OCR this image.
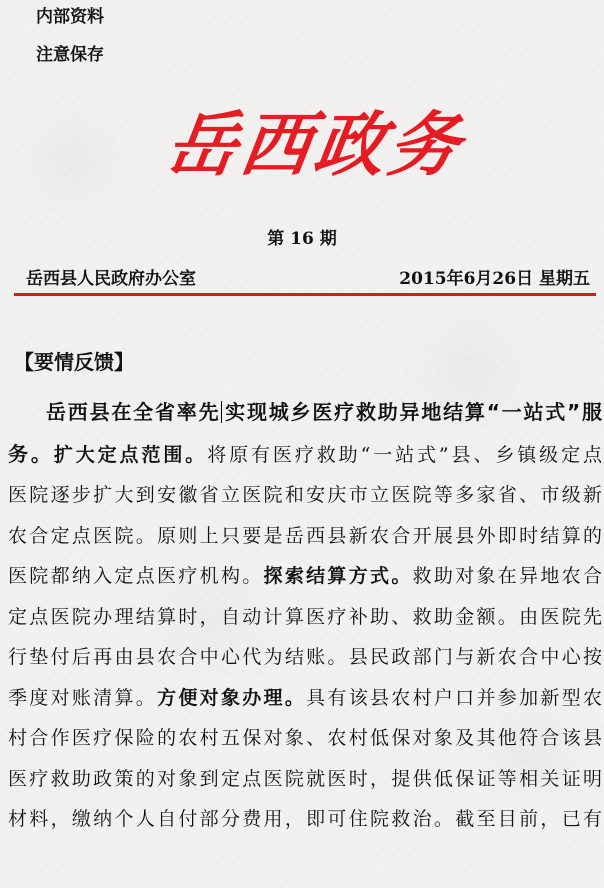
内部资料

注意保存

岳西政务

第 16 期

岳西县人民政府办公室	2015年6月26日 星期五

【要情反馈】
岳西县在全省率先 实现城乡医疗救助异地结算“一站式”服
务。扩大定点范围。将原有医疗救助“一站式”县、乡镇级定点
医院逐步扩大到安徽省立医院和安庆市立医院等多家省、市级新
农合定点医院。原则上只要是岳西县新农合开展县外即时结算的
医院都纳入定点医疗机构。探索结算方式。救助对象在异地农合
定点医院办理结算时，自动计算医疗补助、救助金额。由医院先
行垫付后再由县农合中心代为结账。县民政部门与新农合中心按
季度对账清算。方便对象办理。具有该县农村户口并参加新型农
村合作医疗保险的农村五保对象、农村低保对象及其他符合该县
医疗救助政策的对象到定点医院就医时，提供低保证等相关证明
材料，缴纳个人自付部分费用，即可住院救治。截至目前，已有
